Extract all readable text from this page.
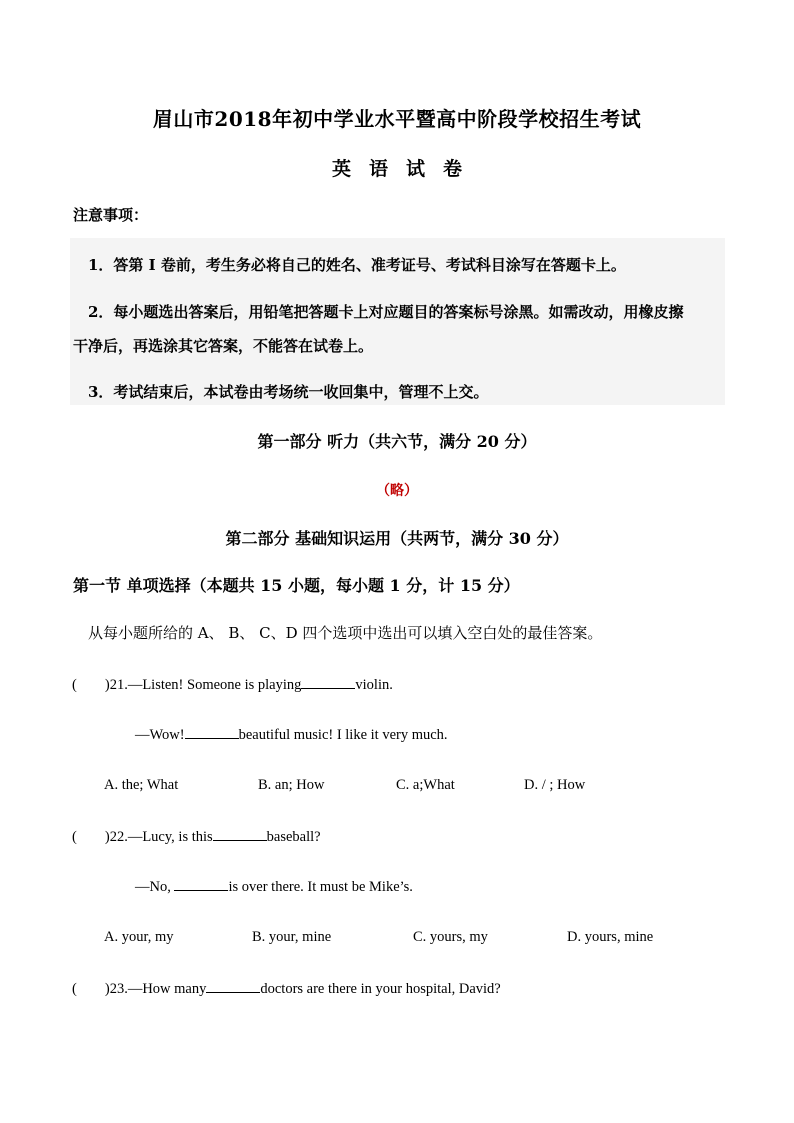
眉山市2018年初中学业水平暨高中阶段学校招生考试
英语试卷
注意事项：
1．答第 I 卷前，考生务必将自己的姓名、准考证号、考试科目涂写在答题卡上。
2．每小题选出答案后，用铅笔把答题卡上对应题目的答案标号涂黑。如需改动，用橡皮擦
干净后，再选涂其它答案，不能答在试卷上。
3．考试结束后，本试卷由考场统一收回集中，管理不上交。
第一部分 听力（共六节，满分 20 分）
（略）
第二部分 基础知识运用（共两节，满分 30 分）
第一节 单项选择（本题共 15 小题，每小题 1 分，计 15 分）
从每小题所给的 A、 B、 C、D 四个选项中选出可以填入空白处的最佳答案。
( )21.—Listen! Someone is playing	violin.
—Wow!	beautiful music! I like it very much.
A. the; What	B. an; How	C. a;What	D. / ; How
( )22.—Lucy, is this	baseball?
—No,	is over there. It must be Mike’s.
A. your, my	B. your, mine	C. yours, my	D. yours, mine
( )23.—How many	doctors are there in your hospital, David?
